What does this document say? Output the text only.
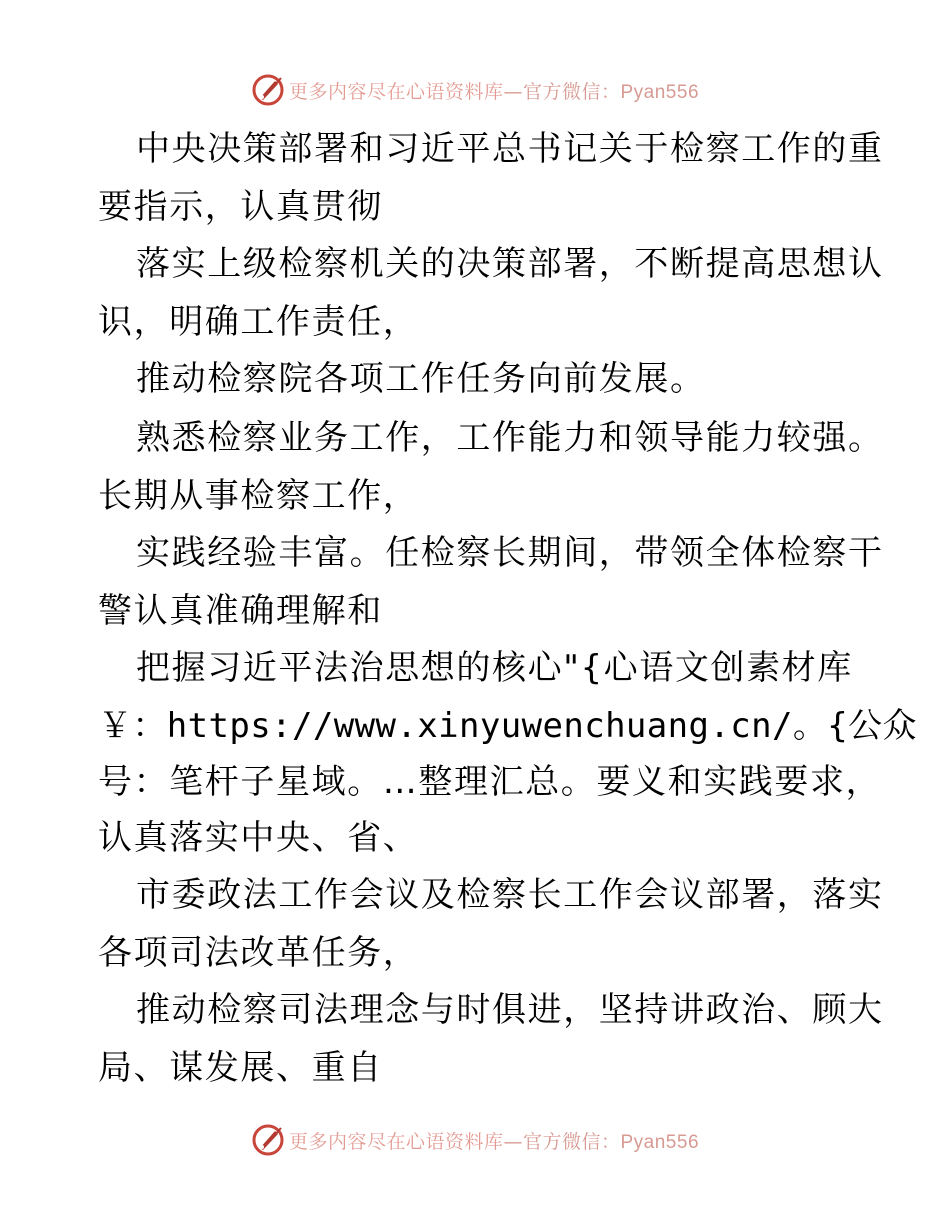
更多内容尽在心语资料库—官方微信：Pyan556
中央决策部署和习近平总书记关于检察工作的重
要指示，认真贯彻
落实上级检察机关的决策部署，不断提高思想认
识，明确工作责任，
推动检察院各项工作任务向前发展。
熟悉检察业务工作，工作能力和领导能力较强。
长期从事检察工作，
实践经验丰富。任检察长期间，带领全体检察干
警认真准确理解和
把握习近平法治思想的核心"{心语文创素材库
￥：https://www.xinyuwenchuang.cn/。{公众
号：笔杆子星域。…整理汇总。要义和实践要求，
认真落实中央、省、
市委政法工作会议及检察长工作会议部署，落实
各项司法改革任务，
推动检察司法理念与时俱进，坚持讲政治、顾大
局、谋发展、重自
更多内容尽在心语资料库—官方微信：Pyan556
